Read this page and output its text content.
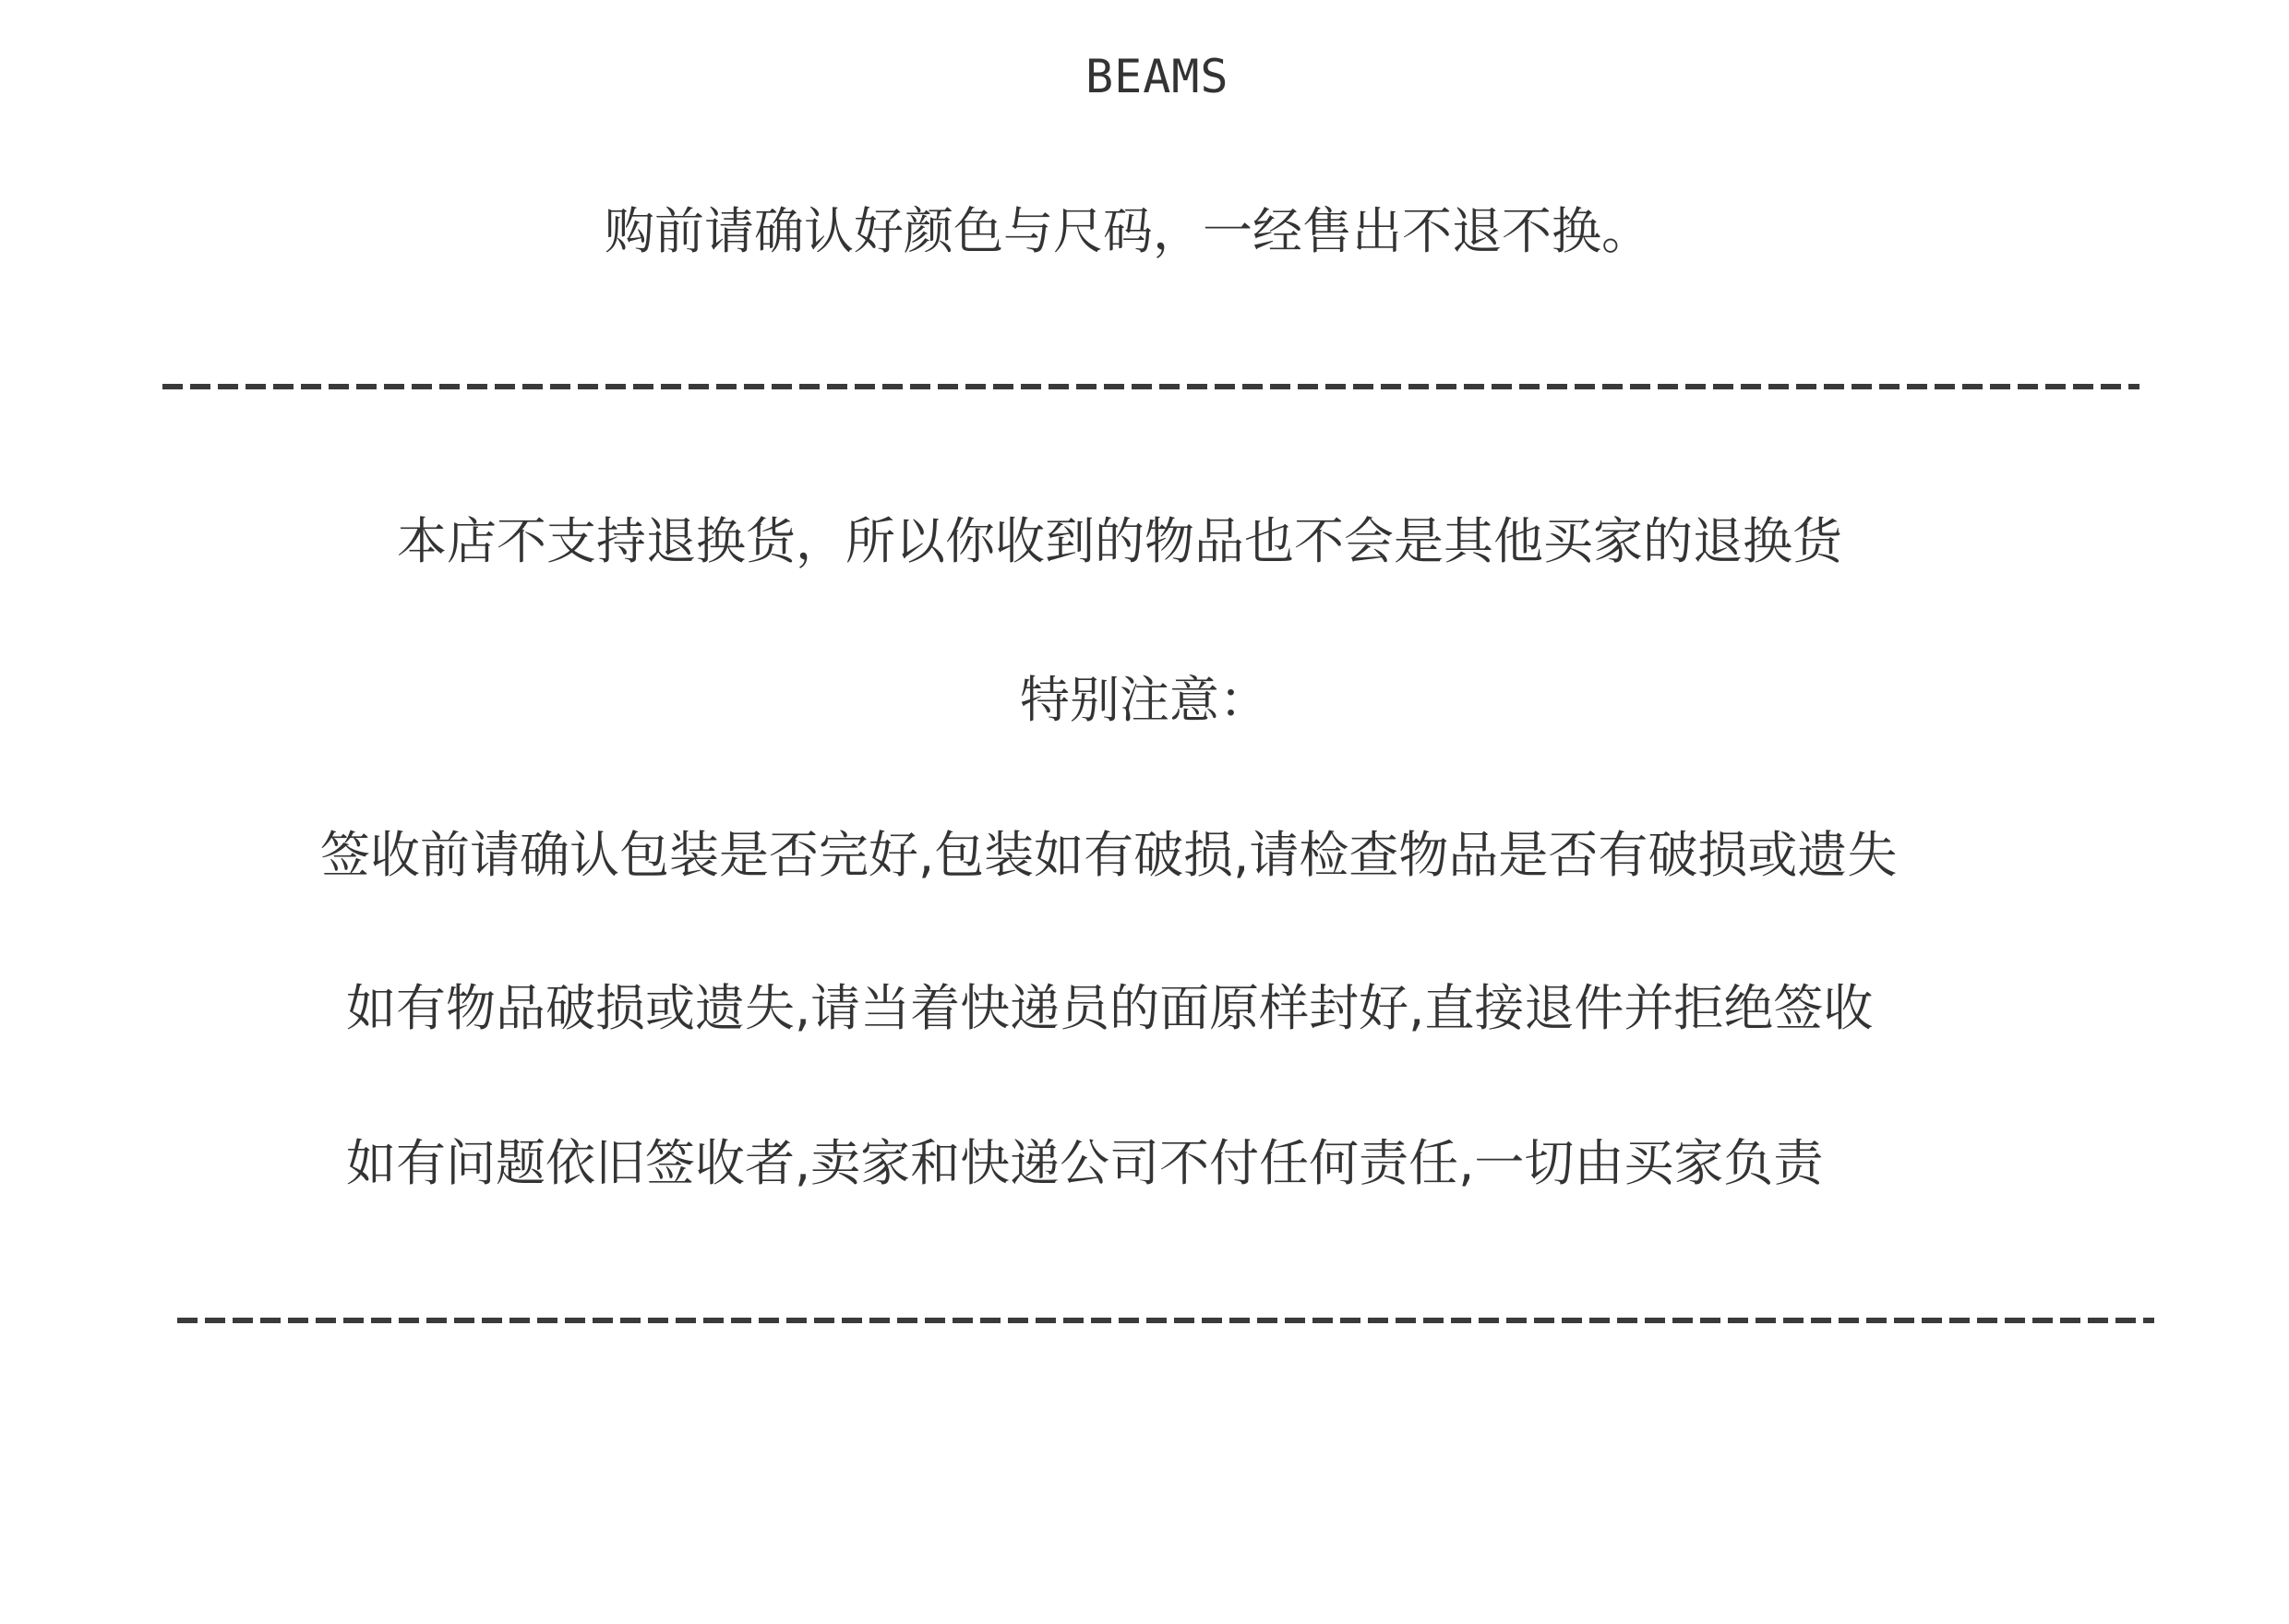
BEAMS
购前请确认好颜色与尺码，一经售出不退不换。
本店不支持退换货，所以你收到的物品也不会是其他买家的退换货
特别注意：
签收前请确认包装是否完好,包装如有破损,请检查物品是否有破损或遗失
如有物品破损或遗失,请当着快递员的面原样封好,直接退件并拒绝签收
如有问题依旧签收者,卖家和快递公司不付任何责任,一切由买家负责
